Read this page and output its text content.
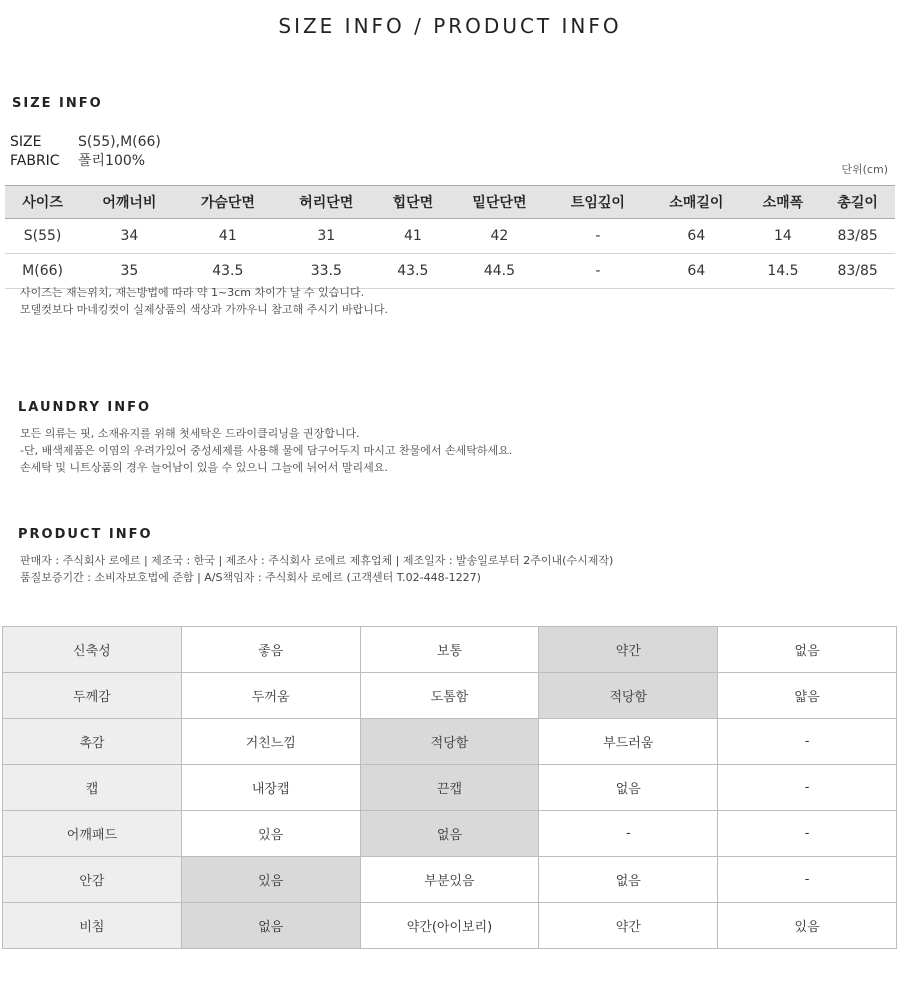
SIZE INFO / PRODUCT INFO
SIZE INFO
SIZE	S(55),M(66)
FABRIC 폴리100%
단위(cm)
사이즈	어깨너비	가슴단면	허리단면	힙단면	밑단단면	트임깊이	소매길이	소매폭	총길이
S(55)	34	41	31	41	42	-	64	14	83/85
M(66)	35	43.5	33.5	43.5	44.5	-	64	14.5	83/85
사이즈는 재는위치, 재는방법에 따라 약 1~3cm 차이가 날 수 있습니다.
모델컷보다 마네킹컷이 실제상품의 색상과 가까우니 참고해 주시기 바랍니다.
LAUNDRY INFO
모든 의류는 핏, 소재유지를 위해 첫세탁은 드라이클리닝을 권장합니다.
-단, 배색제품은 이염의 우려가있어 중성세제를 사용해 물에 담구어두지 마시고 찬물에서 손세탁하세요.
손세탁 및 니트상품의 경우 늘어남이 있을 수 있으니 그늘에 뉘어서 말리세요.
PRODUCT INFO
판매자 : 주식회사 로에르 | 제조국 : 한국 | 제조사 : 주식회사 로에르 제휴업체 | 제조일자 : 발송일로부터 2주이내(수시제작)
품질보증기간 : 소비자보호법에 준함 | A/S책임자 : 주식회사 로에르 (고객센터 T.02-448-1227)
신축성	좋음	보통	약간	없음
두께감	두꺼움	도톰함	적당함	얇음
촉감	거친느낌	적당함	부드러움	-
캡	내장캡	끈캡	없음	-
어깨패드	있음	없음	-	-
안감	있음	부분있음	없음	-
비침	없음	약간(아이보리)	약간	있음
